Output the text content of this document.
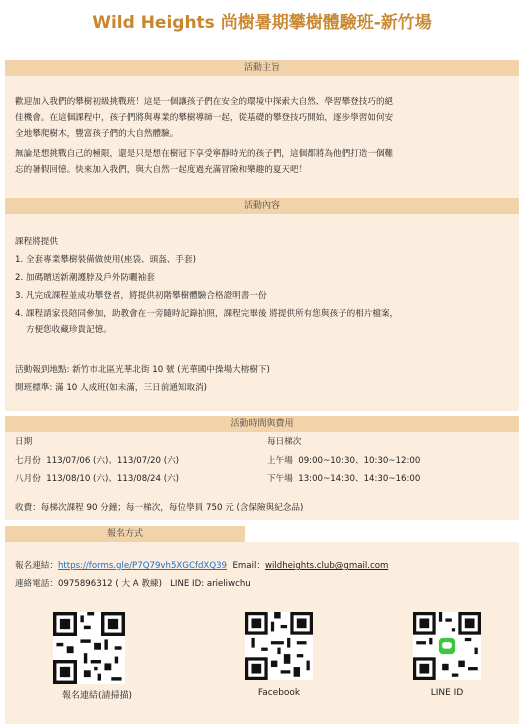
Wild Heights 尚樹暑期攀樹體驗班-新竹場
活動主旨
歡迎加入我們的攀樹初級挑戰班！這是一個讓孩子們在安全的環境中探索大自然、學習攀登技巧的絕
佳機會。在這個課程中，孩子們將與專業的攀樹導師一起，從基礎的攀登技巧開始，逐步學習如何安
全地攀爬樹木，豐富孩子們的大自然體驗。
無論是想挑戰自己的極限，還是只是想在樹冠下享受寧靜時光的孩子們，這個都將為他們打造一個難
忘的暑假回憶。快來加入我們，與大自然一起度過充滿冒險和樂趣的夏天吧！
活動內容
課程將提供
1. 全套專業攀樹裝備做使用(座袋、頭盔、手套)
2. 加碼贈送新潮護脖及戶外防曬袖套
3. 凡完成課程並成功攀登者，將提供初階攀樹體驗合格證明書一份
4. 課程請家長陪同參加，助教會在一旁隨時記錄拍照，課程完畢後 將提供所有您與孩子的相片檔案，
方便您收藏珍貴記憶。
活動報到地點: 新竹市北區光華北街 10 號 (光華國中操場大榕樹下)
開班標準: 滿 10 人成班(如未滿，三日前通知取消)
活動時間與費用
日期	每日梯次
七月份  113/07/06 (六)、113/07/20 (六)	上午場  09:00~10:30、10:30~12:00
八月份  113/08/10 (六)、113/08/24 (六)	下午場  13:00~14:30、14:30~16:00
收費：每梯次課程 90 分鐘；每一梯次，每位學員 750 元 (含保險與紀念品)
報名方式
報名連結：https://forms.gle/P7Q79vh5XGCfdXQ39 Email：wildheights.club@gmail.com
連絡電話：0975896312 ( 大 A 教練)   LINE ID: arieliwchu
報名連結(請掃描)	Facebook	LINE ID
